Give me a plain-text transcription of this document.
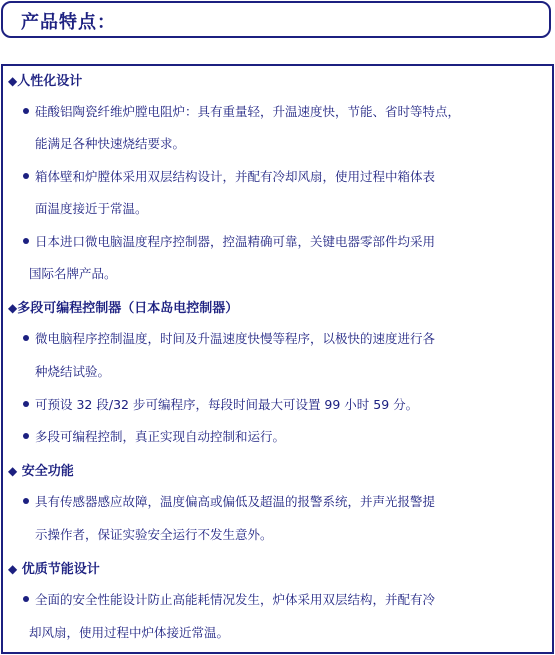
产品特点：
◆人性化设计
硅酸铝陶瓷纤维炉膛电阻炉：具有重量轻，升温速度快，节能、省时等特点，
能满足各种快速烧结要求。
箱体壁和炉膛体采用双层结构设计，并配有冷却风扇，使用过程中箱体表
面温度接近于常温。
日本进口微电脑温度程序控制器，控温精确可靠，关键电器零部件均采用
国际名牌产品。
◆多段可编程控制器（日本岛电控制器）
微电脑程序控制温度，时间及升温速度快慢等程序，以极快的速度进行各
种烧结试验。
可预设 32 段/32 步可编程序，每段时间最大可设置 99 小时 59 分。
多段可编程控制，真正实现自动控制和运行。
◆ 安全功能
具有传感器感应故障，温度偏高或偏低及超温的报警系统，并声光报警提
示操作者，保证实验安全运行不发生意外。
◆ 优质节能设计
全面的安全性能设计防止高能耗情况发生，炉体采用双层结构，并配有冷
却风扇，使用过程中炉体接近常温。
